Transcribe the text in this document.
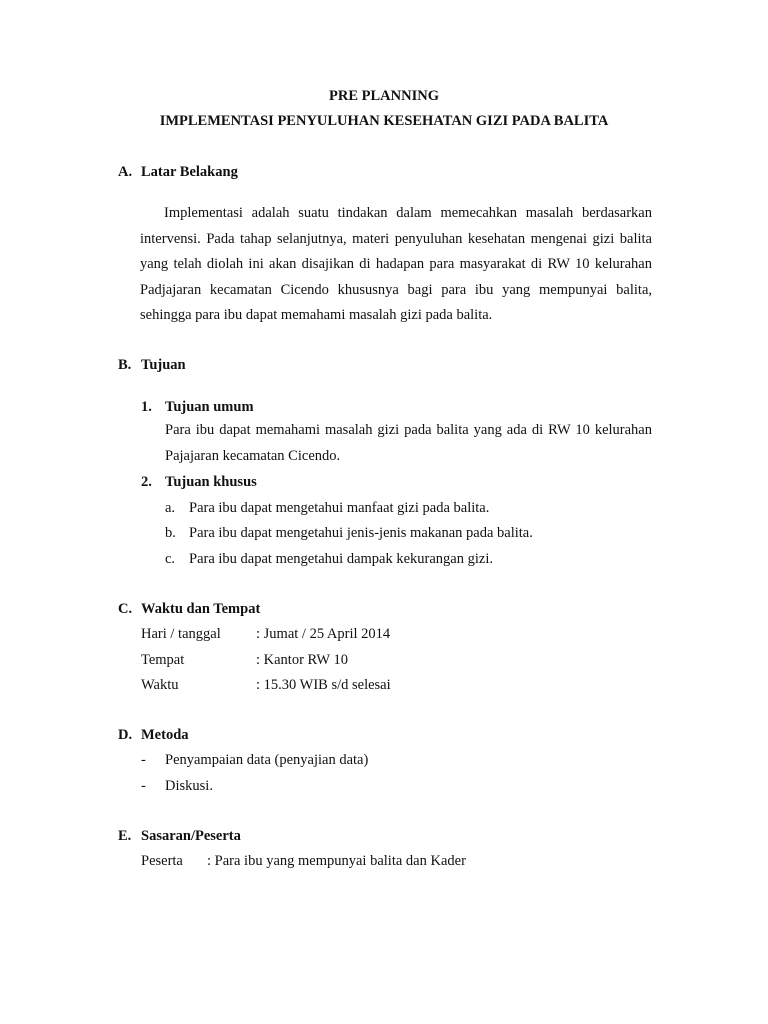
PRE PLANNING
IMPLEMENTASI PENYULUHAN KESEHATAN GIZI PADA BALITA
A. Latar Belakang
Implementasi adalah suatu tindakan dalam memecahkan masalah berdasarkan intervensi. Pada tahap selanjutnya, materi penyuluhan kesehatan mengenai gizi balita yang telah diolah ini akan disajikan di hadapan para masyarakat di RW 10 kelurahan Padjajaran kecamatan Cicendo khususnya bagi para ibu yang mempunyai balita, sehingga para ibu dapat memahami masalah gizi pada balita.
B. Tujuan
1. Tujuan umum
Para ibu dapat memahami masalah gizi pada balita yang ada di RW 10 kelurahan Pajajaran kecamatan Cicendo.
2. Tujuan khusus
a. Para ibu dapat mengetahui manfaat gizi pada balita.
b. Para ibu dapat mengetahui jenis-jenis makanan pada balita.
c. Para ibu dapat mengetahui dampak kekurangan gizi.
C. Waktu dan Tempat
Hari / tanggal : Jumat / 25 April 2014
Tempat	: Kantor RW 10
Waktu	: 15.30 WIB s/d selesai
D. Metoda
- Penyampaian data (penyajian data)
- Diskusi.
E. Sasaran/Peserta
Peserta : Para ibu yang mempunyai balita dan Kader
